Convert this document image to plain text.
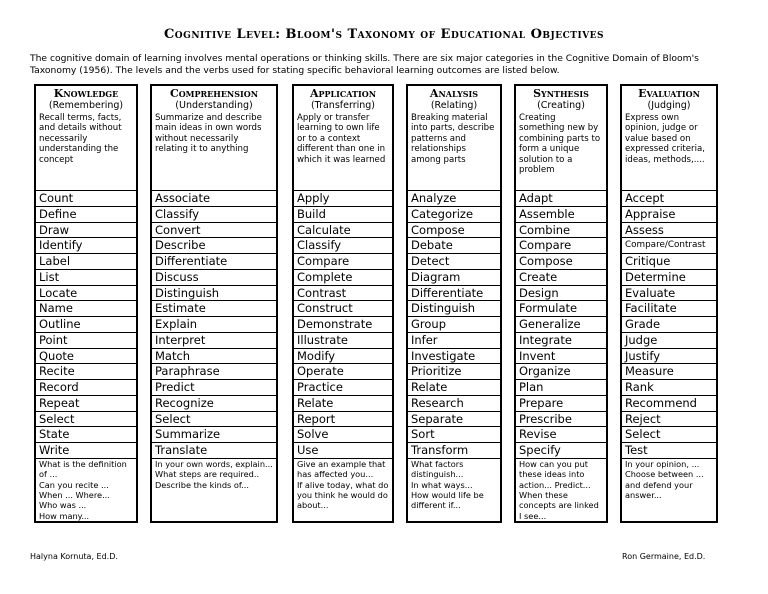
Cognitive Level: Bloom's Taxonomy of Educational Objectives
The cognitive domain of learning involves mental operations or thinking skills. There are six major categories in the Cognitive Domain of Bloom's Taxonomy (1956). The levels and the verbs used for stating specific behavioral learning outcomes are listed below.
Knowledge
(Remembering)
Recall terms, facts, and details without necessarily understanding the concept
Count
Define
Draw
Identify
Label
List
Locate
Name
Outline
Point
Quote
Recite
Record
Repeat
Select
State
Write
What is the definition of ...
Can you recite ...
When ... Where...
Who was ...
How many...
Comprehension
(Understanding)
Summarize and describe main ideas in own words without necessarily relating it to anything
Associate
Classify
Convert
Describe
Differentiate
Discuss
Distinguish
Estimate
Explain
Interpret
Match
Paraphrase
Predict
Recognize
Select
Summarize
Translate
In your own words, explain...
What steps are required..
Describe the kinds of...
Application
(Transferring)
Apply or transfer learning to own life or to a context different than one in which it was learned
Apply
Build
Calculate
Classify
Compare
Complete
Contrast
Construct
Demonstrate
Illustrate
Modify
Operate
Practice
Relate
Report
Solve
Use
Give an example that has affected you...
If alive today, what do you think he would do about...
Analysis
(Relating)
Breaking material into parts, describe patterns and relationships among parts
Analyze
Categorize
Compose
Debate
Detect
Diagram
Differentiate
Distinguish
Group
Infer
Investigate
Prioritize
Relate
Research
Separate
Sort
Transform
What factors distinguish...
In what ways...
How would life be different if...
Synthesis
(Creating)
Creating something new by combining parts to form a unique solution to a problem
Adapt
Assemble
Combine
Compare
Compose
Create
Design
Formulate
Generalize
Integrate
Invent
Organize
Plan
Prepare
Prescribe
Revise
Specify
How can you put these ideas into action... Predict...
When these concepts are linked I see...
Evaluation
(Judging)
Express own opinion, judge or value based on expressed criteria, ideas, methods,....
Accept
Appraise
Assess
Compare/Contrast
Critique
Determine
Evaluate
Facilitate
Grade
Judge
Justify
Measure
Rank
Recommend
Reject
Select
Test
In your opinion, ...
Choose between ... and defend your answer...
Halyna Kornuta, Ed.D.	Ron Germaine, Ed.D.
